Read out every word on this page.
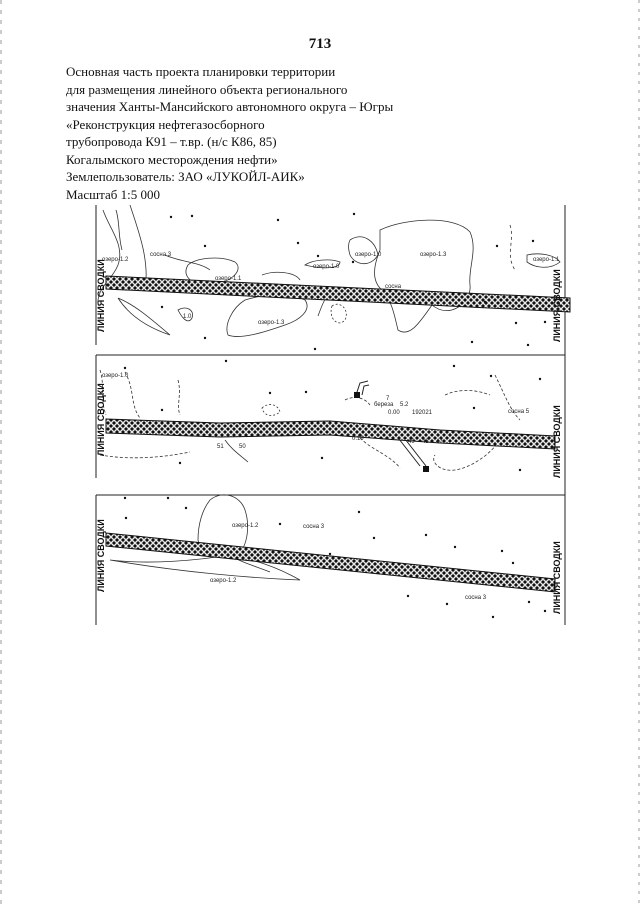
713
Основная часть проекта планировки территории
для размещения линейного объекта регионального
значения Ханты-Мансийского автономного округа – Югры
«Реконструкция нефтегазосборного
трубопровода К91 – т.вр. (н/с К86, 85)
Когалымского месторождения нефти»
Землепользователь: ЗАО «ЛУКОЙЛ-АИК»
Масштаб 1:5 000
озеро-1.2
сосна 3
озеро-1.1
озеро-1.3
озеро-1.0
озеро-1.0	озеро-1.3
озеро-1.1
1.0
сосна
ЛИНИЯ СВОДКИ	ЛИНИЯ СВОДКИ
озеро-1.0
береза 5.2
0.00 192021	сосна 5
51	50
49 48 47
0.19
7
ЛИНИЯ СВОДКИ	ЛИНИЯ СВОДКИ
озеро-1.2	сосна 3
озеро-1.2
сосна 3
ЛИНИЯ СВОДКИ	ЛИНИЯ СВОДКИ
